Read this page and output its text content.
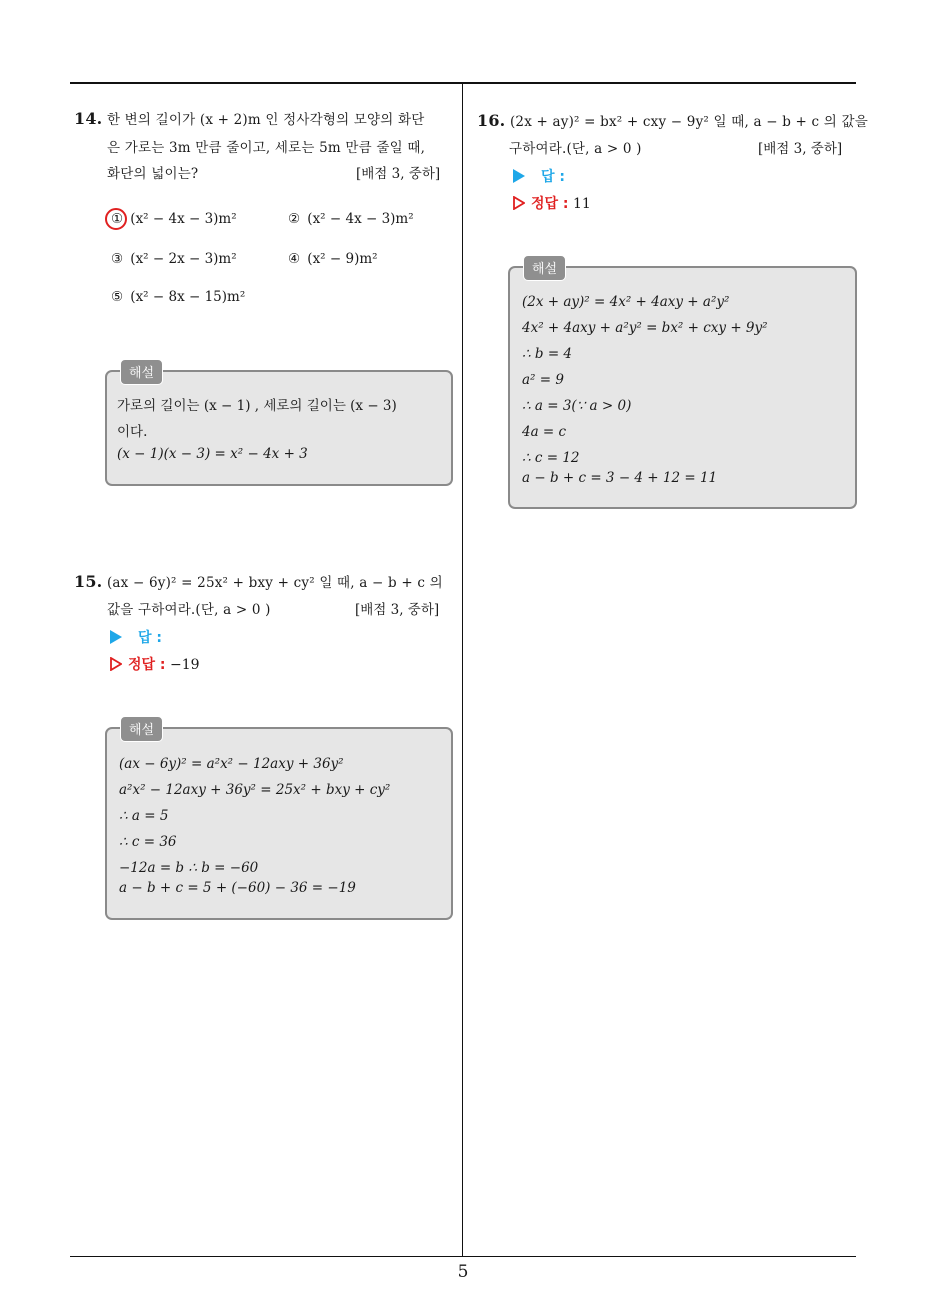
5
14. 한 변의 길이가 (x + 2)m 인 정사각형의 모양의 화단
은 가로는 3m 만큼 줄이고, 세로는 5m 만큼 줄일 때,
화단의 넓이는?	[배점 3, 중하]
① (x² − 4x − 3)m²	② (x² − 4x − 3)m²
③ (x² − 2x − 3)m²	④ (x² − 9)m²
⑤ (x² − 8x − 15)m²
해설
가로의 길이는 (x − 1) , 세로의 길이는 (x − 3)
이다.
(x − 1)(x − 3) = x² − 4x + 3
15. (ax − 6y)² = 25x² + bxy + cy² 일 때, a − b + c 의
값을 구하여라.(단, a > 0 )	[배점 3, 중하]
답 :
정답 : −19
해설
(ax − 6y)² = a²x² − 12axy + 36y²
a²x² − 12axy + 36y² = 25x² + bxy + cy²
∴ a = 5
∴ c = 36
−12a = b ∴ b = −60
a − b + c = 5 + (−60) − 36 = −19
16. (2x + ay)² = bx² + cxy − 9y² 일 때, a − b + c 의 값을
구하여라.(단, a > 0 )	[배점 3, 중하]
답 :
정답 : 11
해설
(2x + ay)² = 4x² + 4axy + a²y²
4x² + 4axy + a²y² = bx² + cxy + 9y²
∴ b = 4
a² = 9
∴ a = 3(∵ a > 0)
4a = c
∴ c = 12
a − b + c = 3 − 4 + 12 = 11
